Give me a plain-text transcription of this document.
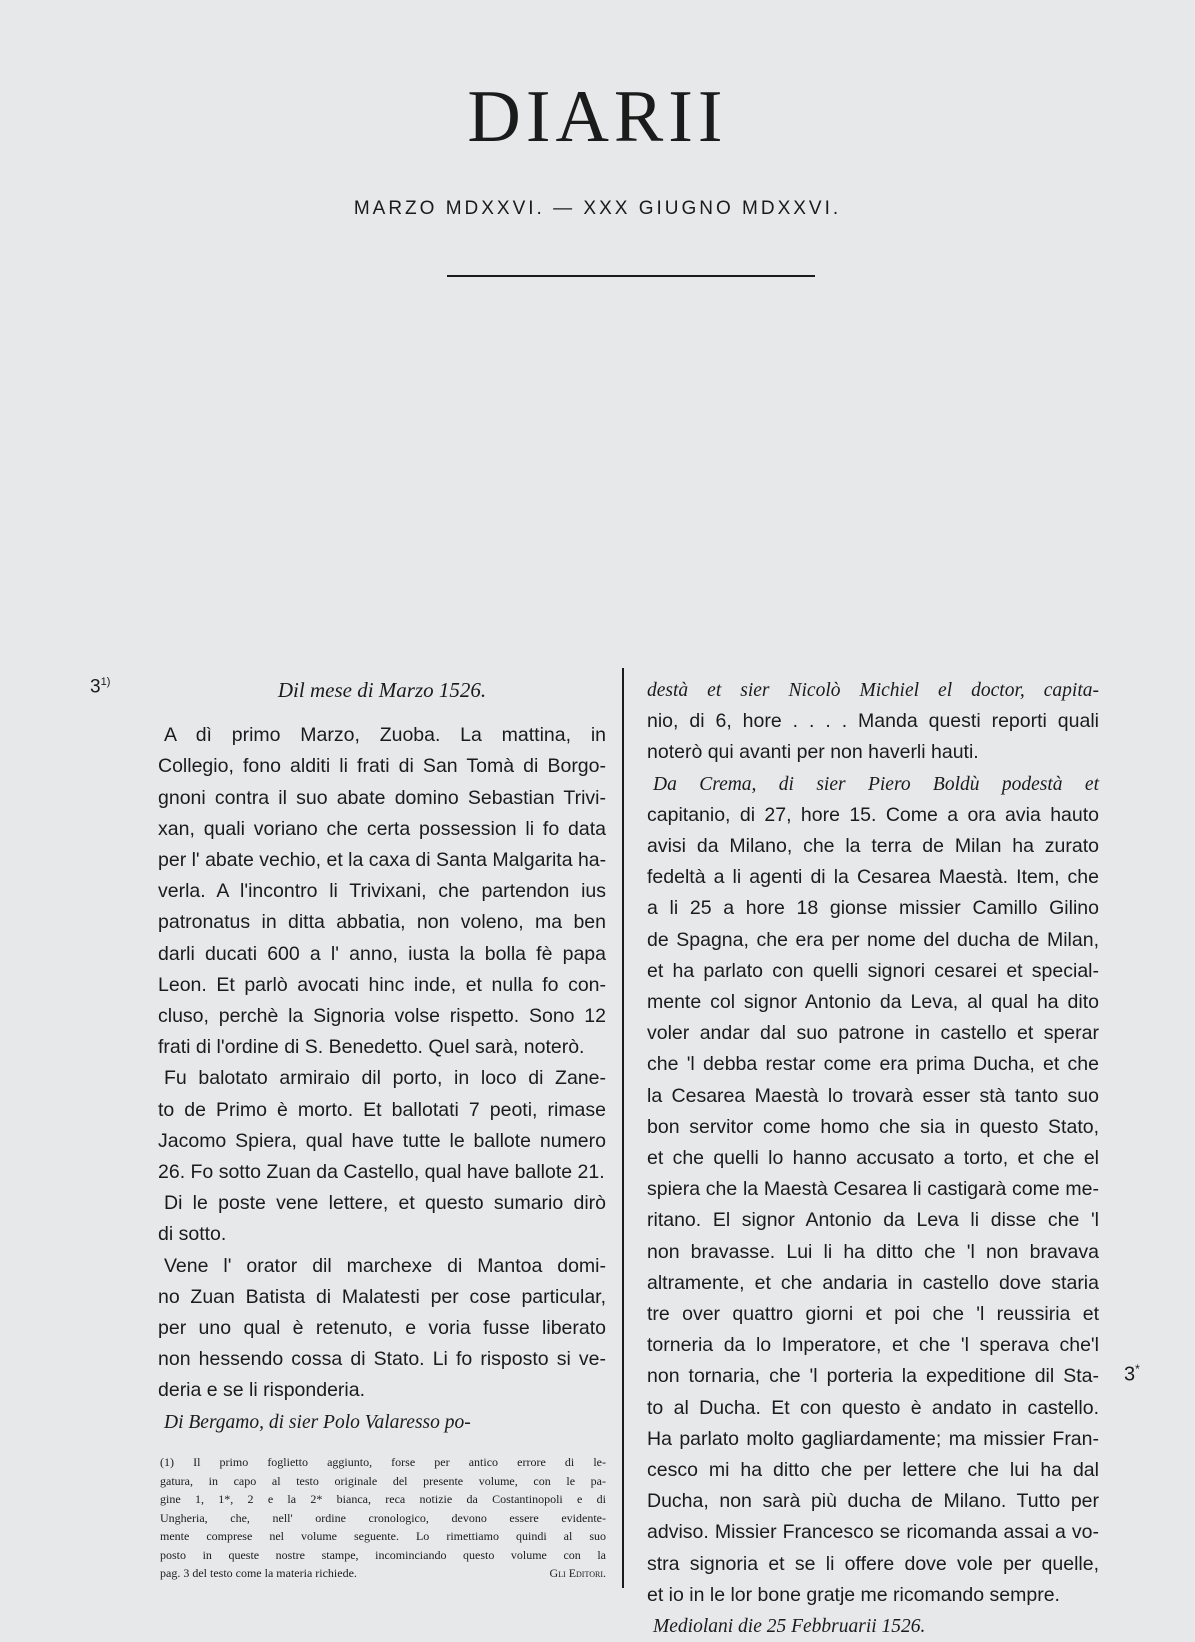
DIARII
MARZO MDXXVI. — XXX GIUGNO MDXXVI.
3$^{1)}$	Dil mese di Marzo 1526.

A dì primo Marzo, Zuoba. La mattina, in
Collegio, fono alditi li frati di San Tomà di Borgo-
gnoni contra il suo abate domino Sebastian Trivi-
xan, quali voriano che certa possession li fo data
per l' abate vechio, et la caxa di Santa Malgarita ha-
verla. A l'incontro li Trivixani, che partendon ius
patronatus in ditta abbatia, non voleno, ma ben
darli ducati 600 a l' anno, iusta la bolla fè papa
Leon. Et parlò avocati hinc inde, et nulla fo con-
cluso, perchè la Signoria volse rispetto. Sono 12
frati di l'ordine di S. Benedetto. Quel sarà, noterò.
Fu balotato armiraio dil porto, in loco di Zane-
to de Primo è morto. Et ballotati 7 peoti, rimase
Jacomo Spiera, qual have tutte le ballote numero
26. Fo sotto Zuan da Castello, qual have ballote 21.
Di le poste vene lettere, et questo sumario dirò
di sotto.
Vene l' orator dil marchexe di Mantoa domi-
no Zuan Batista di Malatesti per cose particular,
per uno qual è retenuto, e voria fusse liberato
non hessendo cossa di Stato. Li fo risposto si ve-
deria e se li risponderia.
Di Bergamo, di sier Polo Valaresso po-
destà et sier Nicolò Michiel el doctor, capita-
nio, di 6, hore . . . . Manda questi reporti quali
noterò qui avanti per non haverli hauti.
Da Crema, di sier Piero Boldù podestà et
capitanio, di 27, hore 15. Come a ora avia hauto
avisi da Milano, che la terra de Milan ha zurato
fedeltà a li agenti di la Cesarea Maestà. Item, che
a li 25 a hore 18 gionse missier Camillo Gilino
de Spagna, che era per nome del ducha de Milan,
et ha parlato con quelli signori cesarei et special-
mente col signor Antonio da Leva, al qual ha dito
voler andar dal suo patrone in castello et sperar
che 'l debba restar come era prima Ducha, et che
la Cesarea Maestà lo trovarà esser stà tanto suo
bon servitor come homo che sia in questo Stato,
et che quelli lo hanno accusato a torto, et che el
spiera che la Maestà Cesarea li castigarà come me-
ritano. El signor Antonio da Leva li disse che 'l
non bravasse. Lui li ha ditto che 'l non bravava
altramente, et che andaria in castello dove staria
tre over quattro giorni et poi che 'l reussiria et
torneria da lo Imperatore, et che 'l sperava che'l
non tornaria, che 'l porteria la expeditione dil Sta-
to al Ducha. Et con questo è andato in castello.
Ha parlato molto gagliardamente; ma missier Fran-
cesco mi ha ditto che per lettere che lui ha dal
Ducha, non sarà più ducha de Milano. Tutto per
adviso. Missier Francesco se ricomanda assai a vo-
stra signoria et se li offere dove vole per quelle,
et io in le lor bone gratje me ricomando sempre.
Mediolani die 25 Febbruarii 1526.
3*
(1) Il primo foglietto aggiunto, forse per antico errore di le-
gatura, in capo al testo originale del presente volume, con le pa-
gine 1, 1*, 2 e la 2* bianca, reca notizie da Costantinopoli e di
Ungheria, che, nell' ordine cronologico, devono essere evidente-
mente comprese nel volume seguente. Lo rimettiamo quindi al suo
posto in queste nostre stampe, incominciando questo volume con la
pag. 3 del testo come la materia richiede.	Gli Editori.
